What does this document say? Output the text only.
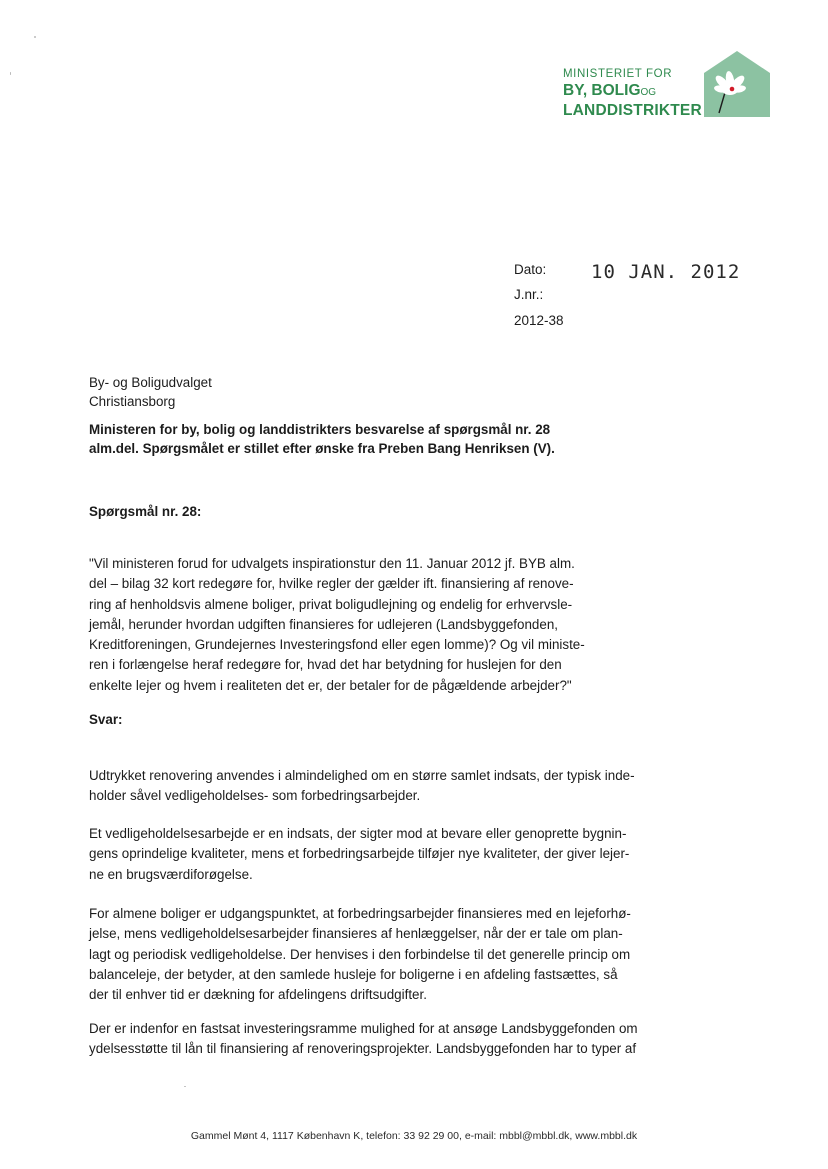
MINISTERIET FOR
BY, BOLIGOG
LANDDISTRIKTER
Dato: 10 JAN. 2012
J.nr.:
2012-38
By- og Boligudvalget
Christiansborg
Ministeren for by, bolig og landdistrikters besvarelse af spørgsmål nr. 28
alm.del. Spørgsmålet er stillet efter ønske fra Preben Bang Henriksen (V).
Spørgsmål nr. 28:
"Vil ministeren forud for udvalgets inspirationstur den 11. Januar 2012 jf. BYB alm.
del – bilag 32 kort redegøre for, hvilke regler der gælder ift. finansiering af renove-
ring af henholdsvis almene boliger, privat boligudlejning og endelig for erhvervsle-
jemål, herunder hvordan udgiften finansieres for udlejeren (Landsbyggefonden,
Kreditforeningen, Grundejernes Investeringsfond eller egen lomme)? Og vil ministe-
ren i forlængelse heraf redegøre for, hvad det har betydning for huslejen for den
enkelte lejer og hvem i realiteten det er, der betaler for de pågældende arbejder?"
Svar:
Udtrykket renovering anvendes i almindelighed om en større samlet indsats, der typisk inde-
holder såvel vedligeholdelses- som forbedringsarbejder.
Et vedligeholdelsesarbejde er en indsats, der sigter mod at bevare eller genoprette bygnin-
gens oprindelige kvaliteter, mens et forbedringsarbejde tilføjer nye kvaliteter, der giver lejer-
ne en brugsværdiforøgelse.
For almene boliger er udgangspunktet, at forbedringsarbejder finansieres med en lejeforhø-
jelse, mens vedligeholdelsesarbejder finansieres af henlæggelser, når der er tale om plan-
lagt og periodisk vedligeholdelse. Der henvises i den forbindelse til det generelle princip om
balanceleje, der betyder, at den samlede husleje for boligerne i en afdeling fastsættes, så
der til enhver tid er dækning for afdelingens driftsudgifter.
Der er indenfor en fastsat investeringsramme mulighed for at ansøge Landsbyggefonden om
ydelsesstøtte til lån til finansiering af renoveringsprojekter. Landsbyggefonden har to typer af
Gammel Mønt 4, 1117 København K, telefon: 33 92 29 00, e-mail: mbbl@mbbl.dk, www.mbbl.dk
